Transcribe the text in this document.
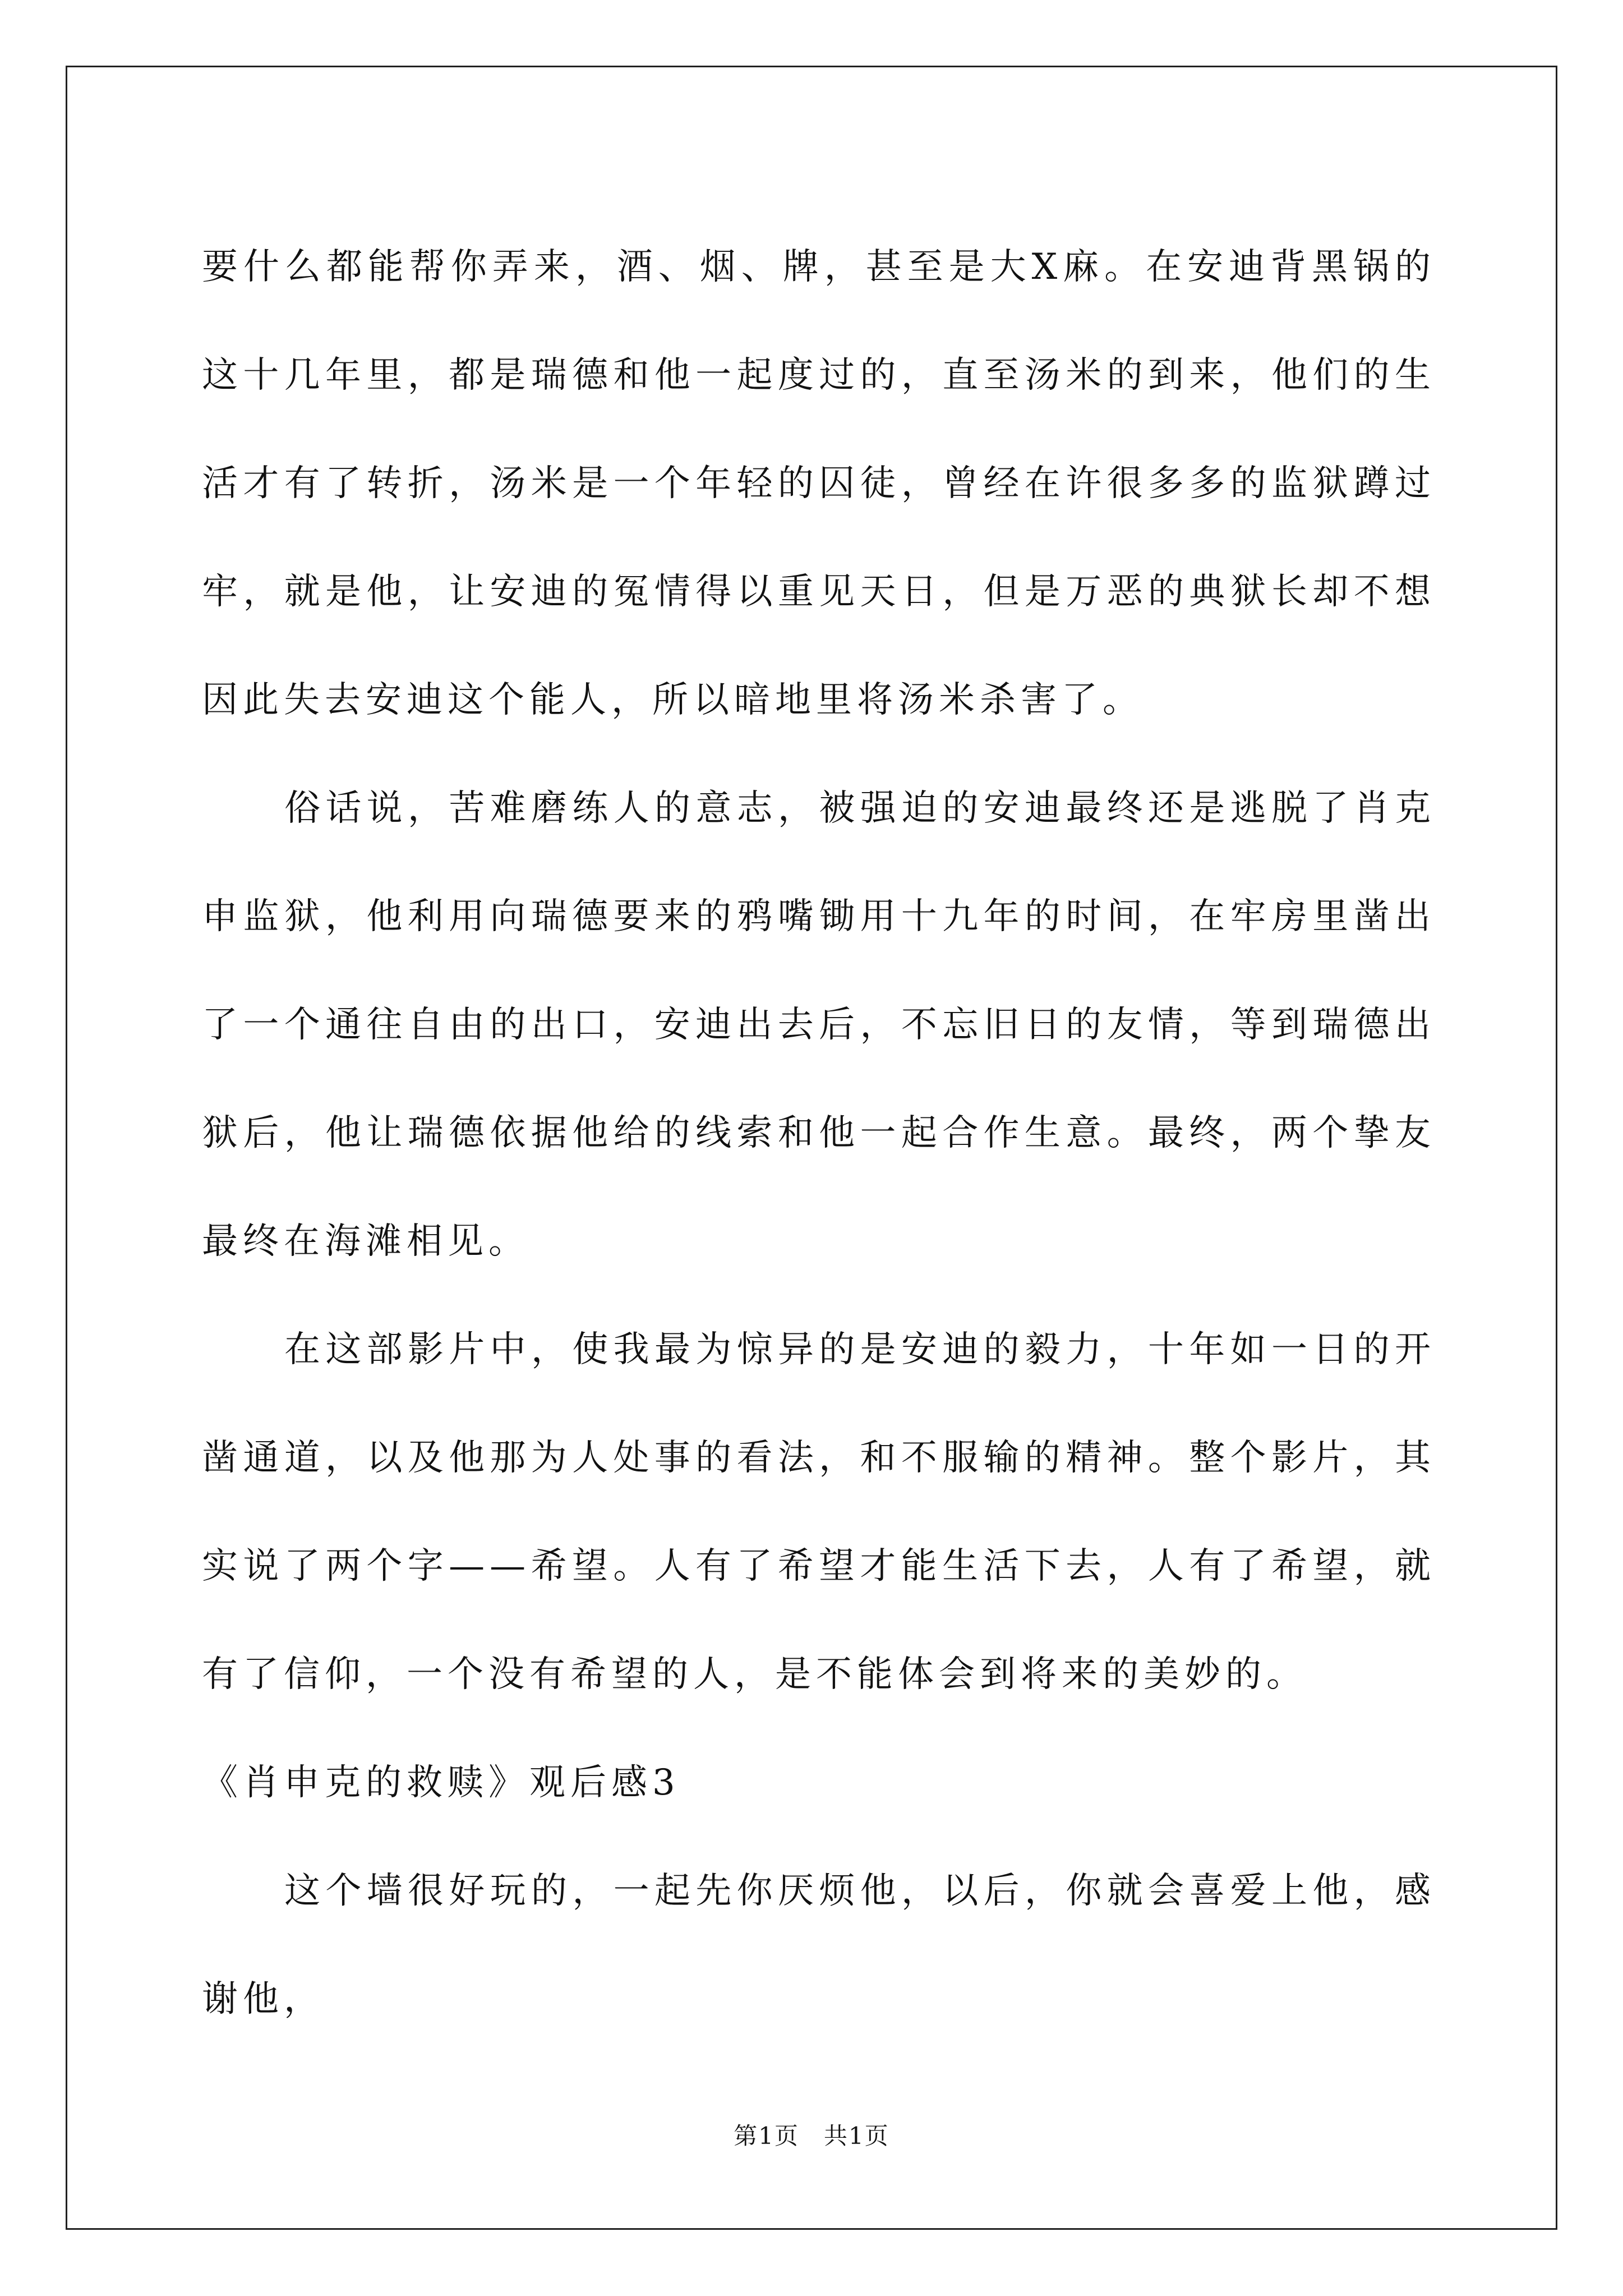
要什么都能帮你弄来，酒、烟、牌，甚至是大X麻。在安迪背黑锅的这十几年里，都是瑞德和他一起度过的，直至汤米的到来，他们的生活才有了转折，汤米是一个年轻的囚徒，曾经在许很多多的监狱蹲过牢，就是他，让安迪的冤情得以重见天日，但是万恶的典狱长却不想因此失去安迪这个能人，所以暗地里将汤米杀害了。

俗话说，苦难磨练人的意志，被强迫的安迪最终还是逃脱了肖克申监狱，他利用向瑞德要来的鸦嘴锄用十九年的时间，在牢房里凿出了一个通往自由的出口，安迪出去后，不忘旧日的友情，等到瑞德出狱后，他让瑞德依据他给的线索和他一起合作生意。最终，两个挚友最终在海滩相见。

在这部影片中，使我最为惊异的是安迪的毅力，十年如一日的开凿通道，以及他那为人处事的看法，和不服输的精神。整个影片，其实说了两个字——希望。人有了希望才能生活下去，人有了希望，就有了信仰，一个没有希望的人，是不能体会到将来的美妙的。

《肖申克的救赎》观后感3

这个墙很好玩的，一起先你厌烦他，以后，你就会喜爱上他，感谢他，

第1页　共1页
